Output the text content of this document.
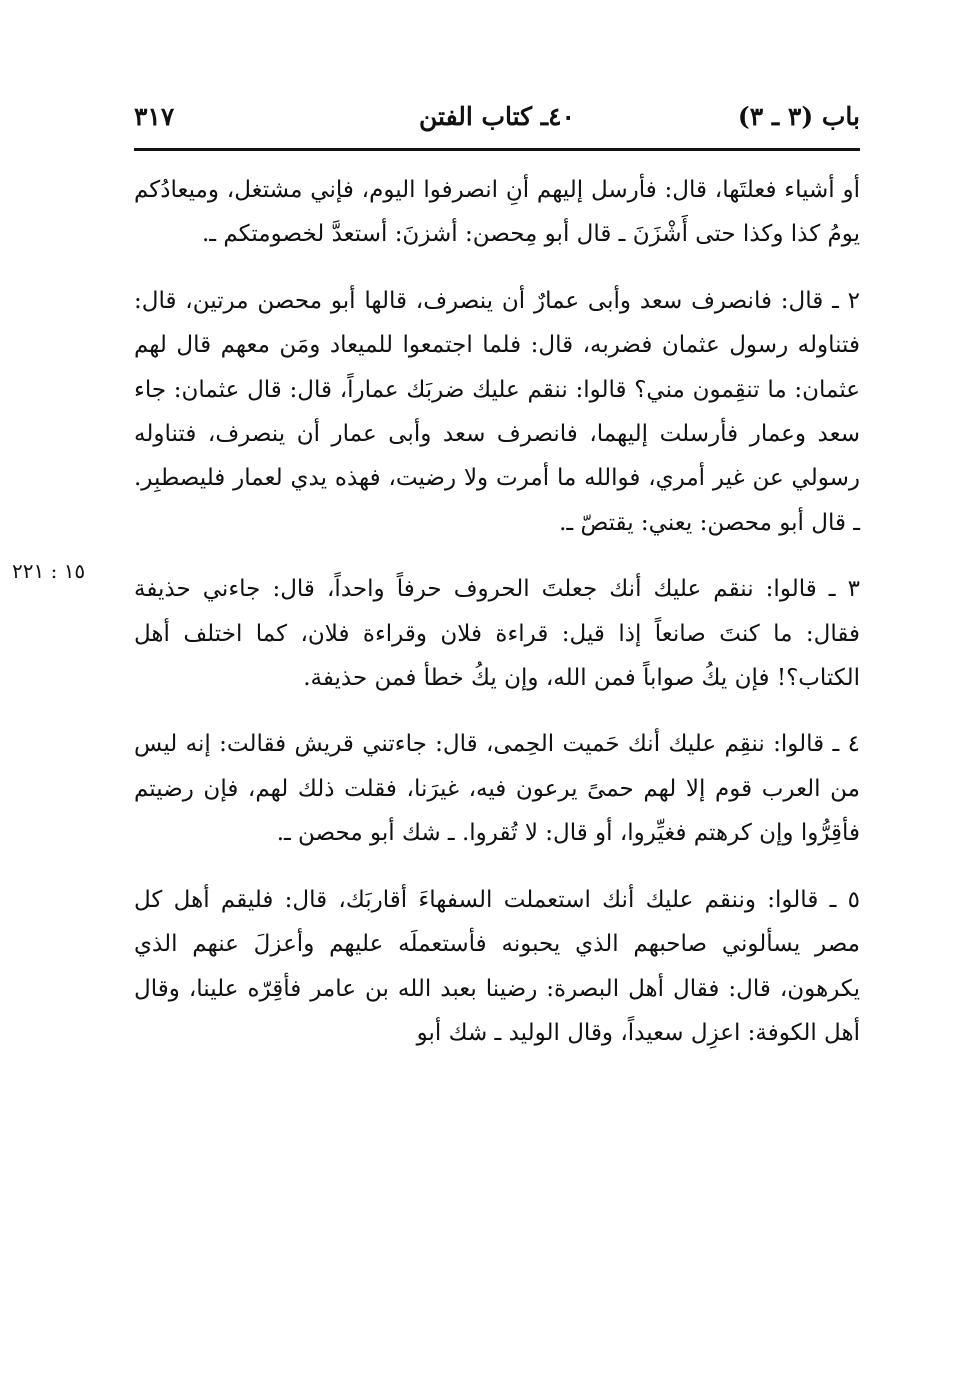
باب (٣ ـ ٣)
٤٠ـ كتاب الفتن
٣١٧

أو أشياء فعلتَها، قال: فأرسل إليهم أنِ انصرفوا اليوم، فإني مشتغل، وميعادُكم يومُ كذا وكذا حتى أَشْزَنَ ـ قال أبو مِحصن: أشزنَ: أستعدَّ لخصومتكم ـ.

٢ ـ قال: فانصرف سعد وأبى عمارٌ أن ينصرف، قالها أبو محصن مرتين، قال: فتناوله رسول عثمان فضربه، قال: فلما اجتمعوا للميعاد ومَن معهم قال لهم عثمان: ما تنقِمون مني؟ قالوا: ننقم عليك ضربَك عماراً، قال: قال عثمان: جاء سعد وعمار فأرسلت إليهما، فانصرف سعد وأبى عمار أن ينصرف، فتناوله رسولي عن غير أمري، فوالله ما أمرت ولا رضيت، فهذه يدي لعمار فليصطبِر. ـ قال أبو محصن: يعني: يقتصّ ـ.

٣ ـ قالوا: ننقم عليك أنك جعلتَ الحروف حرفاً واحداً، قال: جاءني حذيفة فقال: ما كنتَ صانعاً إذا قيل: قراءة فلان وقراءة فلان، كما اختلف أهل الكتاب؟! فإن يكُ صواباً فمن الله، وإن يكُ خطأ فمن حذيفة.

٤ ـ قالوا: ننقِم عليك أنك حَميت الحِمى، قال: جاءتني قريش فقالت: إنه ليس من العرب قوم إلا لهم حمىً يرعون فيه، غيرَنا، فقلت ذلك لهم، فإن رضيتم فأقِرُّوا وإن كرهتم فغيِّروا، أو قال: لا تُقروا. ـ شك أبو محصن ـ.

٥ ـ قالوا: وننقم عليك أنك استعملت السفهاءَ أقاربَك، قال: فليقم أهل كل مصر يسألوني صاحبهم الذي يحبونه فأستعملَه عليهم وأعزلَ عنهم الذي يكرهون، قال: فقال أهل البصرة: رضينا بعبد الله بن عامر فأقِرّه علينا، وقال أهل الكوفة: اعزِل سعيداً، وقال الوليد ـ شك أبو

١٥ : ٢٢١
